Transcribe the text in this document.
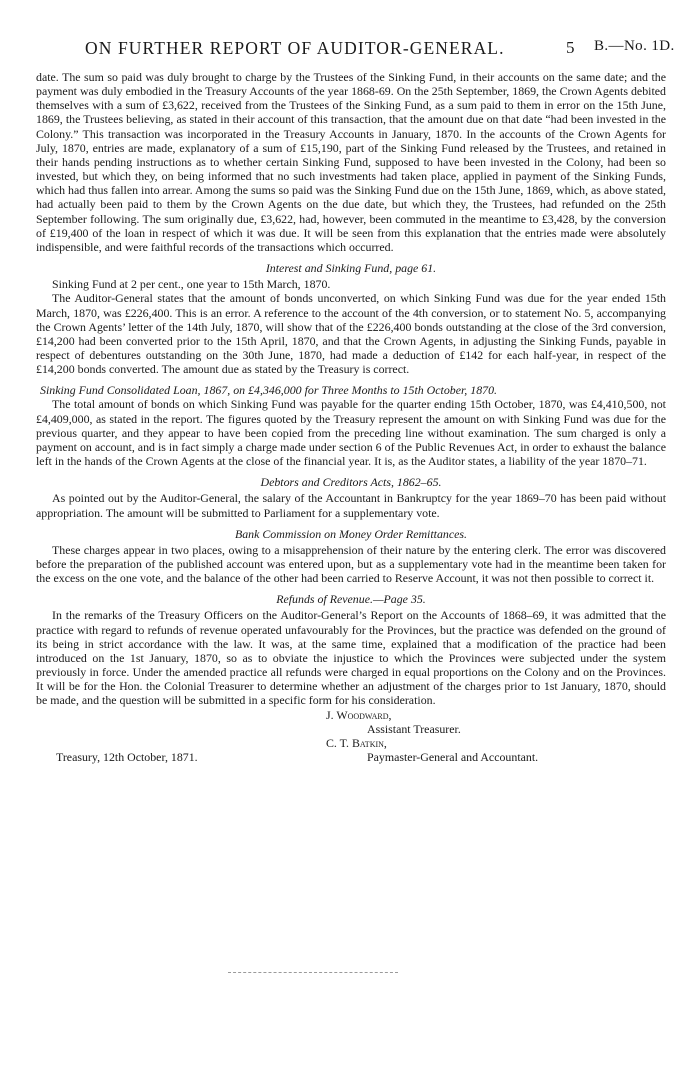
ON FURTHER REPORT OF AUDITOR-GENERAL.	5 B.—No. 1D.

date. The sum so paid was duly brought to charge by the Trustees of the Sinking Fund, in their accounts on the same date; and the payment was duly embodied in the Treasury Accounts of the year 1868-69. On the 25th September, 1869, the Crown Agents debited themselves with a sum of £3,622, received from the Trustees of the Sinking Fund, as a sum paid to them in error on the 15th June, 1869, the Trustees believing, as stated in their account of this transaction, that the amount due on that date “had been invested in the Colony.” This transaction was incorporated in the Treasury Accounts in January, 1870. In the accounts of the Crown Agents for July, 1870, entries are made, explanatory of a sum of £15,190, part of the Sinking Fund released by the Trustees, and retained in their hands pending instructions as to whether certain Sinking Fund, supposed to have been invested in the Colony, had been so invested, but which they, on being informed that no such investments had taken place, applied in payment of the Sinking Funds, which had thus fallen into arrear. Among the sums so paid was the Sinking Fund due on the 15th June, 1869, which, as above stated, had actually been paid to them by the Crown Agents on the due date, but which they, the Trustees, had refunded on the 25th September following. The sum originally due, £3,622, had, however, been commuted in the meantime to £3,428, by the conversion of £19,400 of the loan in respect of which it was due. It will be seen from this explanation that the entries made were absolutely indispensible, and were faithful records of the transactions which occurred.

Interest and Sinking Fund, page 61.

Sinking Fund at 2 per cent., one year to 15th March, 1870.

The Auditor-General states that the amount of bonds unconverted, on which Sinking Fund was due for the year ended 15th March, 1870, was £226,400. This is an error. A reference to the account of the 4th conversion, or to statement No. 5, accompanying the Crown Agents’ letter of the 14th July, 1870, will show that of the £226,400 bonds outstanding at the close of the 3rd conversion, £14,200 had been converted prior to the 15th April, 1870, and that the Crown Agents, in adjusting the Sinking Funds, payable in respect of debentures outstanding on the 30th June, 1870, had made a deduction of £142 for each half-year, in respect of the £14,200 bonds converted. The amount due as stated by the Treasury is correct.

Sinking Fund Consolidated Loan, 1867, on £4,346,000 for Three Months to 15th October, 1870.

The total amount of bonds on which Sinking Fund was payable for the quarter ending 15th October, 1870, was £4,410,500, not £4,409,000, as stated in the report. The figures quoted by the Treasury represent the amount on with Sinking Fund was due for the previous quarter, and they appear to have been copied from the preceding line without examination. The sum charged is only a payment on account, and is in fact simply a charge made under section 6 of the Public Revenues Act, in order to exhaust the balance left in the hands of the Crown Agents at the close of the financial year. It is, as the Auditor states, a liability of the year 1870–71.

Debtors and Creditors Acts, 1862–65.

As pointed out by the Auditor-General, the salary of the Accountant in Bankruptcy for the year 1869–70 has been paid without appropriation. The amount will be submitted to Parliament for a supplementary vote.

Bank Commission on Money Order Remittances.

These charges appear in two places, owing to a misapprehension of their nature by the entering clerk. The error was discovered before the preparation of the published account was entered upon, but as a supplementary vote had in the meantime been taken for the excess on the one vote, and the balance of the other had been carried to Reserve Account, it was not then possible to correct it.

Refunds of Revenue.—Page 35.

In the remarks of the Treasury Officers on the Auditor-General’s Report on the Accounts of 1868–69, it was admitted that the practice with regard to refunds of revenue operated unfavourably for the Provinces, but the practice was defended on the ground of its being in strict accordance with the law. It was, at the same time, explained that a modification of the practice had been introduced on the 1st January, 1870, so as to obviate the injustice to which the Provinces were subjected under the system previously in force. Under the amended practice all refunds were charged in equal proportions on the Colony and on the Provinces. It will be for the Hon. the Colonial Treasurer to determine whether an adjustment of the charges prior to 1st January, 1870, should be made, and the question will be submitted in a specific form for his consideration.

J. Woodward,

Assistant Treasurer.

C. T. Batkin,

Treasury, 12th October, 1871.	Paymaster-General and Accountant.
